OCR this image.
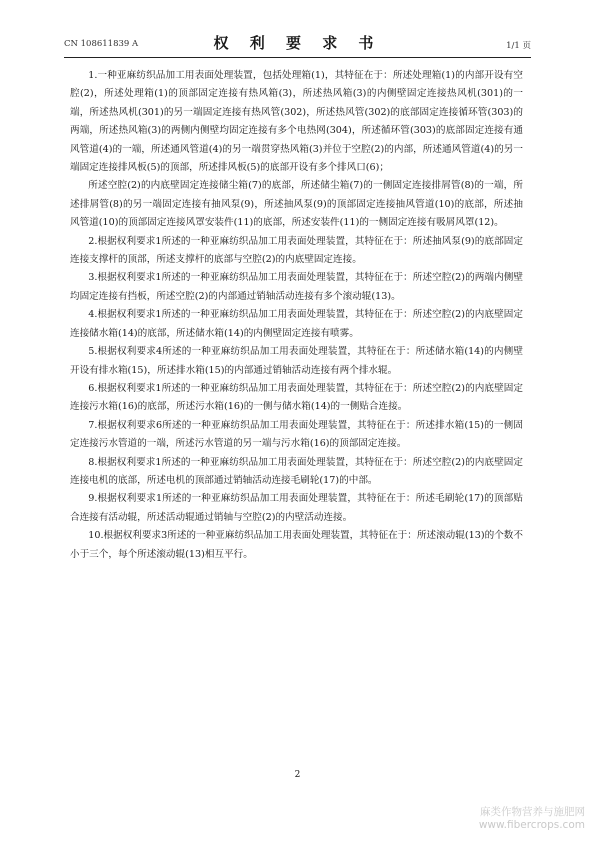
CN 108611839 A	权 利 要 求 书	1/1 页

1.一种亚麻纺织品加工用表面处理装置，包括处理箱(1)，其特征在于：所述处理箱(1)的内部开设有空腔(2)，所述处理箱(1)的顶部固定连接有热风箱(3)，所述热风箱(3)的内侧壁固定连接热风机(301)的一端，所述热风机(301)的另一端固定连接有热风管(302)，所述热风管(302)的底部固定连接循环管(303)的两端，所述热风箱(3)的两侧内侧壁均固定连接有多个电热网(304)，所述循环管(303)的底部固定连接有通风管道(4)的一端，所述通风管道(4)的另一端贯穿热风箱(3)并位于空腔(2)的内部，所述通风管道(4)的另一端固定连接排风板(5)的顶部，所述排风板(5)的底部开设有多个排风口(6)；

所述空腔(2)的内底壁固定连接储尘箱(7)的底部，所述储尘箱(7)的一侧固定连接排屑管(8)的一端，所述排屑管(8)的另一端固定连接有抽风泵(9)，所述抽风泵(9)的顶部固定连接抽风管道(10)的底部，所述抽风管道(10)的顶部固定连接风罩安装件(11)的底部，所述安装件(11)的一侧固定连接有吸屑风罩(12)。

2.根据权利要求1所述的一种亚麻纺织品加工用表面处理装置，其特征在于：所述抽风泵(9)的底部固定连接支撑杆的顶部，所述支撑杆的底部与空腔(2)的内底壁固定连接。

3.根据权利要求1所述的一种亚麻纺织品加工用表面处理装置，其特征在于：所述空腔(2)的两端内侧壁均固定连接有挡板，所述空腔(2)的内部通过销轴活动连接有多个滚动辊(13)。

4.根据权利要求1所述的一种亚麻纺织品加工用表面处理装置，其特征在于：所述空腔(2)的内底壁固定连接储水箱(14)的底部，所述储水箱(14)的内侧壁固定连接有喷雾。

5.根据权利要求4所述的一种亚麻纺织品加工用表面处理装置，其特征在于：所述储水箱(14)的内侧壁开设有排水箱(15)，所述排水箱(15)的内部通过销轴活动连接有两个排水辊。

6.根据权利要求1所述的一种亚麻纺织品加工用表面处理装置，其特征在于：所述空腔(2)的内底壁固定连接污水箱(16)的底部，所述污水箱(16)的一侧与储水箱(14)的一侧贴合连接。

7.根据权利要求6所述的一种亚麻纺织品加工用表面处理装置，其特征在于：所述排水箱(15)的一侧固定连接污水管道的一端，所述污水管道的另一端与污水箱(16)的顶部固定连接。

8.根据权利要求1所述的一种亚麻纺织品加工用表面处理装置，其特征在于：所述空腔(2)的内底壁固定连接电机的底部，所述电机的顶部通过销轴活动连接毛刷轮(17)的中部。

9.根据权利要求1所述的一种亚麻纺织品加工用表面处理装置，其特征在于：所述毛刷轮(17)的顶部贴合连接有活动辊，所述活动辊通过销轴与空腔(2)的内壁活动连接。

10.根据权利要求3所述的一种亚麻纺织品加工用表面处理装置，其特征在于：所述滚动辊(13)的个数不小于三个，每个所述滚动辊(13)相互平行。

2
麻类作物营养与施肥网
www.fibercrops.com
